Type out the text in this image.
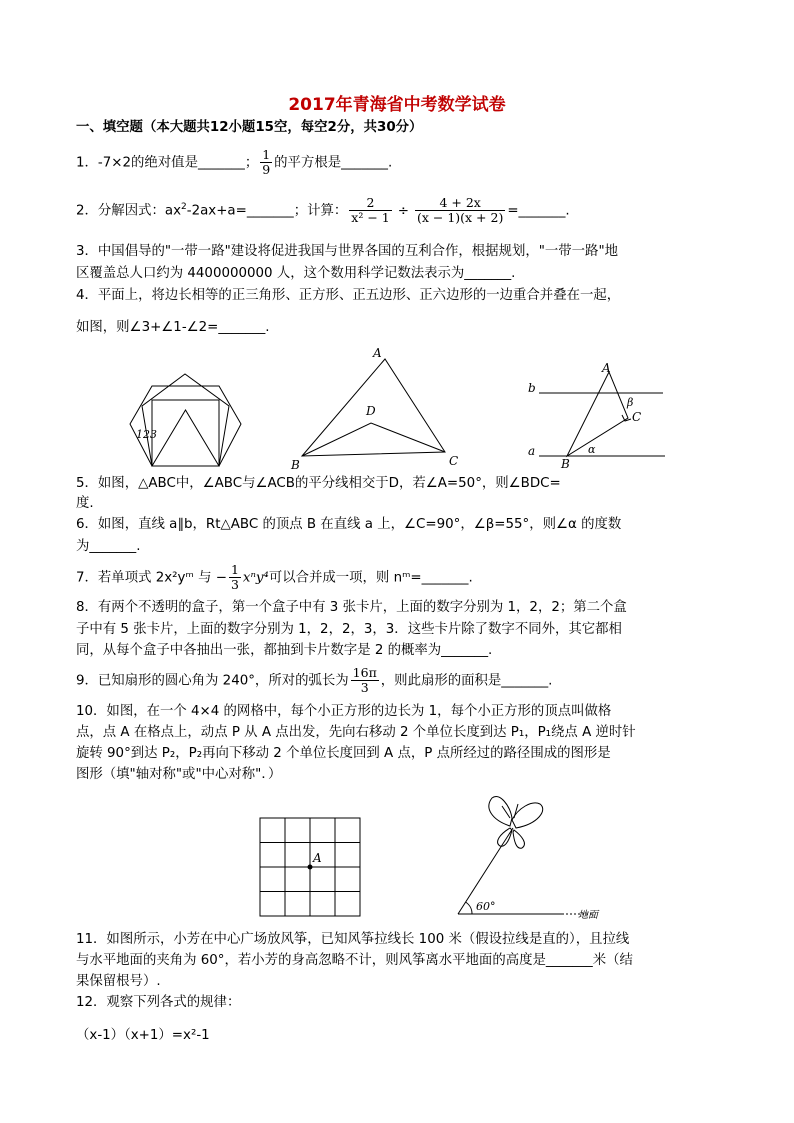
2017年青海省中考数学试卷
一、填空题（本大题共12小题15空，每空2分，共30分）
1．-7×2的绝对值是_______； $\frac{1}{9}$ 的平方根是_______.
2．分解因式：$ax^2-2ax+a=\_\_\_\_\_\_\_$；计算： $\frac{2}{\text{x² − 1}} \div \frac{4 + 2x}{(x - 1)(x + 2)}$ =_______.
3．中国倡导的"一带一路"建设将促进我国与世界各国的互利合作，根据规划，"一带一路"地
区覆盖总人口约为 4400000000 人，这个数用科学记数法表示为_______.
4．平面上，将边长相等的正三角形、正方形、正五边形、正六边形的一边重合并叠在一起，
如图，则∠3+∠1-∠2=_______.
1 2 3
A
B	C
D
b
a
A
B
C
β
α
5．如图，△ABC中，∠ABC与∠ACB的平分线相交于D，若∠A=50°，则∠BDC=
度.
6．如图，直线 a∥b，Rt△ABC 的顶点 B 在直线 a 上，∠C=90°，∠β=55°，则∠α 的度数
为_______.
7．若单项式 2x²yᵐ 与 − $\frac{1}{3} x^ny^4$可以合并成一项，则 nᵐ=_______.
8．有两个不透明的盒子，第一个盒子中有 3 张卡片，上面的数字分别为 1，2，2；第二个盒
子中有 5 张卡片，上面的数字分别为 1，2，2，3，3．这些卡片除了数字不同外，其它都相
同，从每个盒子中各抽出一张，都抽到卡片数字是 2 的概率为_______.
9．已知扇形的圆心角为 240°，所对的弧长为 $\frac{16\pi}{3}$ ，则此扇形的面积是_______.
10．如图，在一个 4×4 的网格中，每个小正方形的边长为 1，每个小正方形的顶点叫做格
点，点 A 在格点上，动点 P 从 A 点出发，先向右移动 2 个单位长度到达 P₁，P₁绕点 A 逆时针
旋转 90°到达 P₂，P₂再向下移动 2 个单位长度回到 A 点，P 点所经过的路径围成的图形是
图形（填"轴对称"或"中心对称"．）
A
60°
地面
11．如图所示，小芳在中心广场放风筝，已知风筝拉线长 100 米（假设拉线是直的），且拉线
与水平地面的夹角为 60°，若小芳的身高忽略不计，则风筝离水平地面的高度是_______米（结
果保留根号）.
12．观察下列各式的规律：
（x-1）（x+1）=x²-1
